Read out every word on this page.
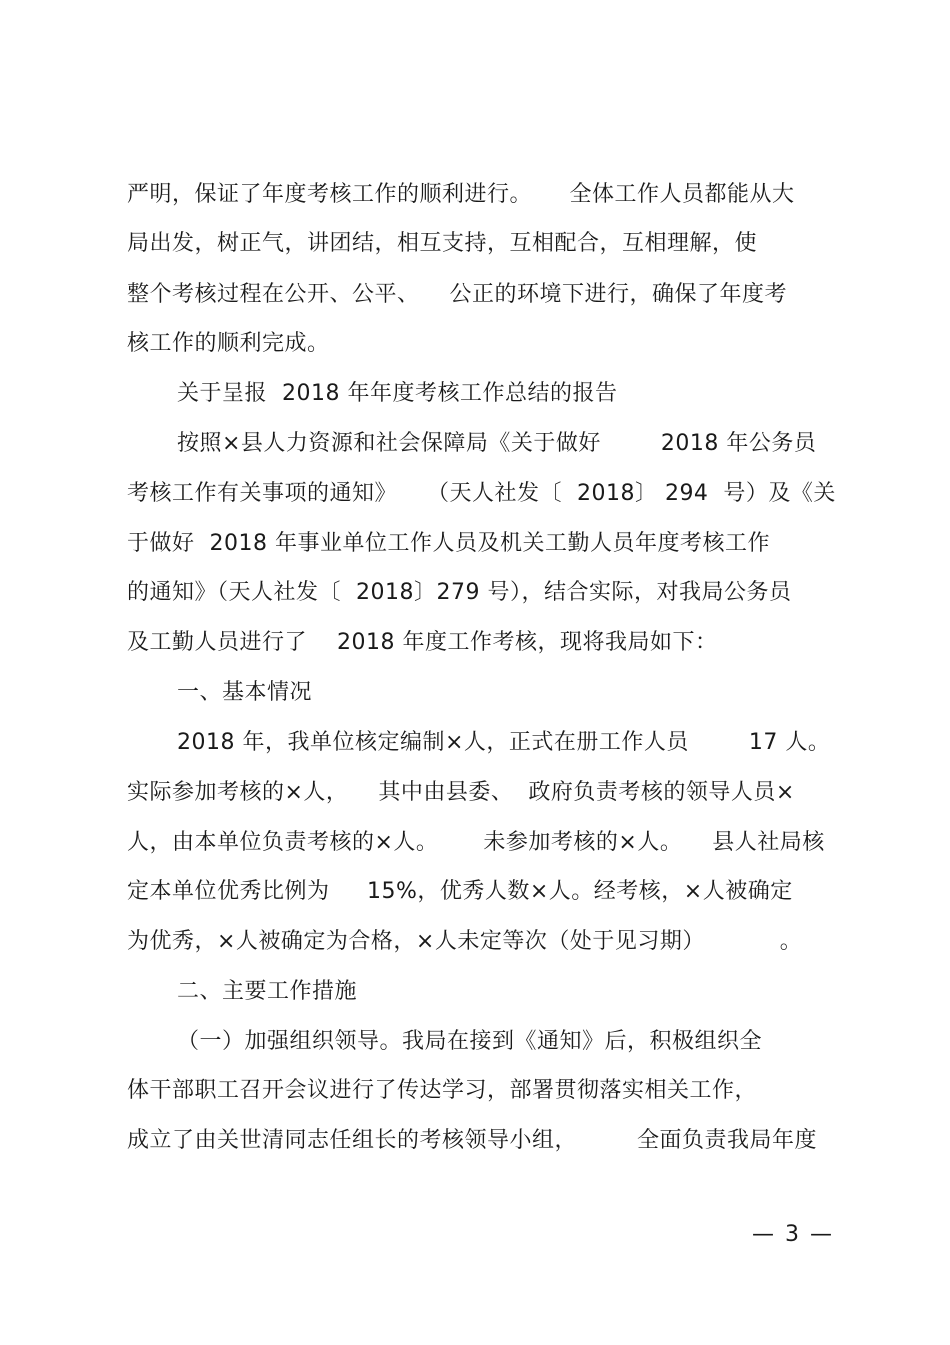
严明，保证了年度考核工作的顺利进行。     全体工作人员都能从大
局出发，树正气，讲团结，相互支持，互相配合，互相理解，使
整个考核过程在公开、公平、    公正的环境下进行，确保了年度考
核工作的顺利完成。
关于呈报  2018 年年度考核工作总结的报告
按照×县人力资源和社会保障局《关于做好        2018 年公务员
考核工作有关事项的通知》    （天人社发〔  2018〕 294  号）及《关
于做好  2018 年事业单位工作人员及机关工勤人员年度考核工作
的通知》（天人社发〔  2018〕279 号），结合实际，对我局公务员
及工勤人员进行了    2018 年度工作考核，现将我局如下：
一、基本情况
2018 年，我单位核定编制×人，正式在册工作人员        17 人。
实际参加考核的×人，    其中由县委、  政府负责考核的领导人员×
人，由本单位负责考核的×人。      未参加考核的×人。    县人社局核
定本单位优秀比例为     15%，优秀人数×人。经考核，×人被确定
为优秀，×人被确定为合格，×人未定等次（处于见习期）          。
二、主要工作措施
（一）加强组织领导。我局在接到《通知》后，积极组织全
体干部职工召开会议进行了传达学习，部署贯彻落实相关工作，
成立了由关世清同志任组长的考核领导小组，        全面负责我局年度
— 3 —
